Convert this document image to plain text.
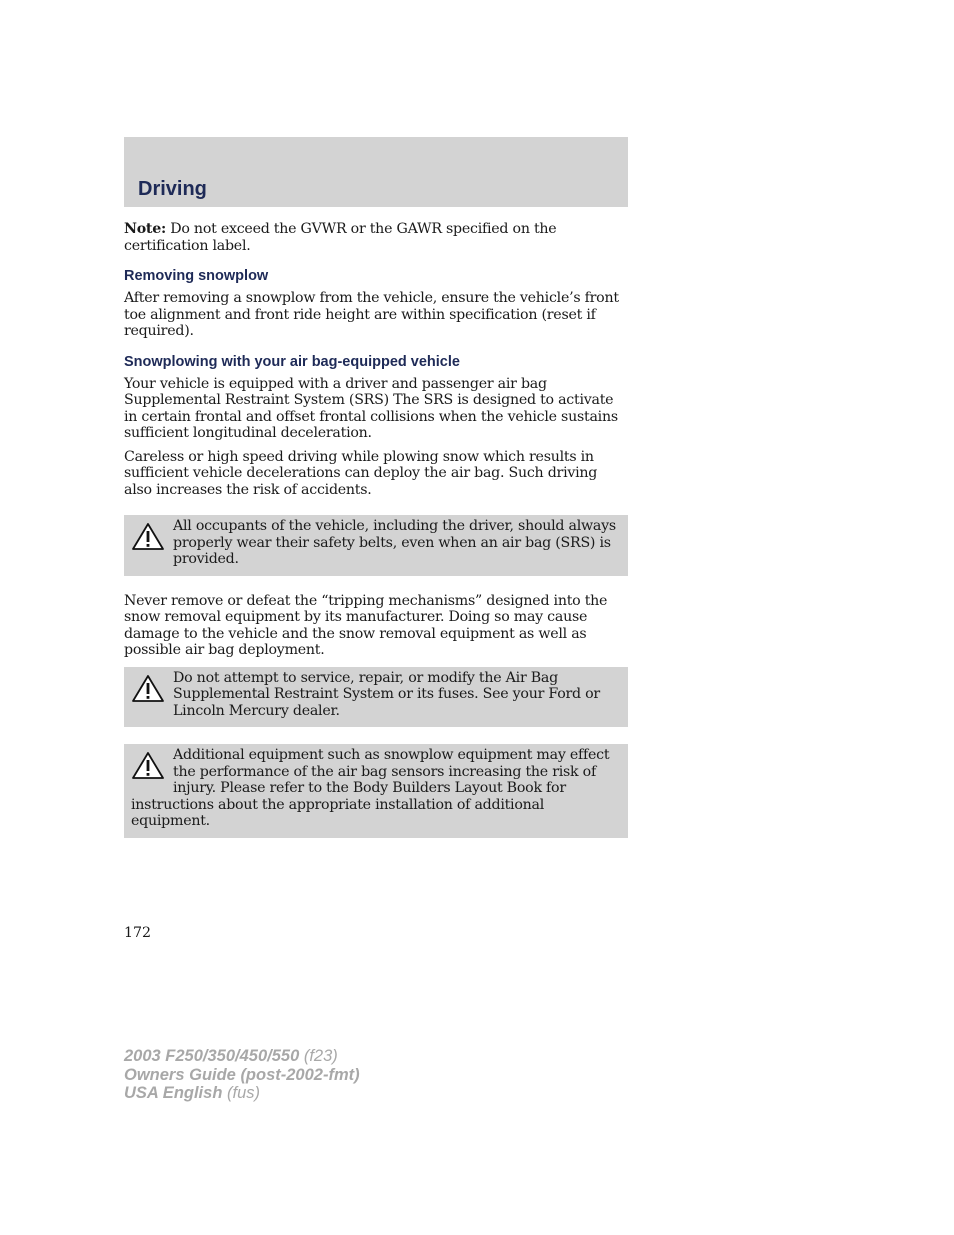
Driving

Note: Do not exceed the GVWR or the GAWR specified on the certification label.

Removing snowplow

After removing a snowplow from the vehicle, ensure the vehicle’s front toe alignment and front ride height are within specification (reset if required).

Snowplowing with your air bag-equipped vehicle

Your vehicle is equipped with a driver and passenger air bag Supplemental Restraint System (SRS) The SRS is designed to activate in certain frontal and offset frontal collisions when the vehicle sustains sufficient longitudinal deceleration.

Careless or high speed driving while plowing snow which results in sufficient vehicle decelerations can deploy the air bag. Such driving also increases the risk of accidents.

All occupants of the vehicle, including the driver, should always properly wear their safety belts, even when an air bag (SRS) is provided.

Never remove or defeat the “tripping mechanisms” designed into the snow removal equipment by its manufacturer. Doing so may cause damage to the vehicle and the snow removal equipment as well as possible air bag deployment.

Do not attempt to service, repair, or modify the Air Bag Supplemental Restraint System or its fuses. See your Ford or Lincoln Mercury dealer.
Additional equipment such as snowplow equipment may effect the performance of the air bag sensors increasing the risk of injury. Please refer to the Body Builders Layout Book for instructions about the appropriate installation of additional equipment.
172
2003 F250/350/450/550 (f23)
Owners Guide (post-2002-fmt)
USA English (fus)
